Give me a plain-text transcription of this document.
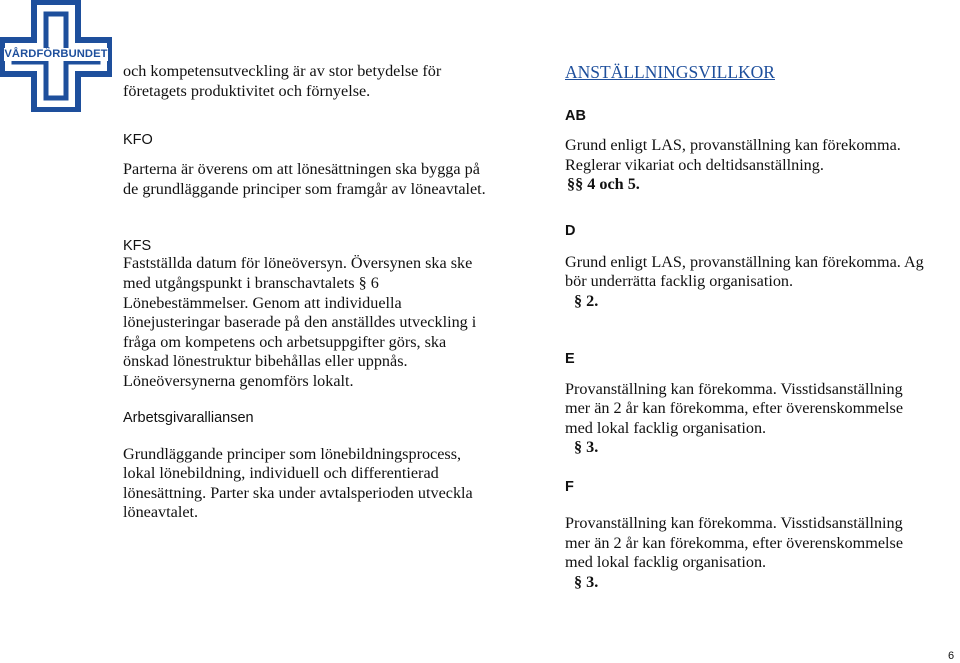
VÅRDFÖRBUNDET

och kompetensutveckling är av stor betydelse för

företagets produktivitet och förnyelse.

KFO

Parterna är överens om att lönesättningen ska bygga på

de grundläggande principer som framgår av löneavtalet.

KFS

Fastställda datum för löneöversyn. Översynen ska ske

med utgångspunkt i branschavtalets § 6

Lönebestämmelser. Genom att individuella

lönejusteringar baserade på den anställdes utveckling i

fråga om kompetens och arbetsuppgifter görs, ska

önskad lönestruktur bibehållas eller uppnås.

Löneöversynerna genomförs lokalt.

Arbetsgivaralliansen

Grundläggande principer som lönebildningsprocess,

lokal lönebildning, individuell och differentierad

lönesättning. Parter ska under avtalsperioden utveckla

löneavtalet.

ANSTÄLLNINGSVILLKOR

AB

Grund enligt LAS, provanställning kan förekomma.

Reglerar vikariat och deltidsanställning.

§§ 4 och 5.

D

Grund enligt LAS, provanställning kan förekomma. Ag

bör underrätta facklig organisation.

§ 2.

E

Provanställning kan förekomma. Visstidsanställning

mer än 2 år kan förekomma, efter överenskommelse

med lokal facklig organisation.

§ 3.

F

Provanställning kan förekomma. Visstidsanställning

mer än 2 år kan förekomma, efter överenskommelse

med lokal facklig organisation.

§ 3.

6
